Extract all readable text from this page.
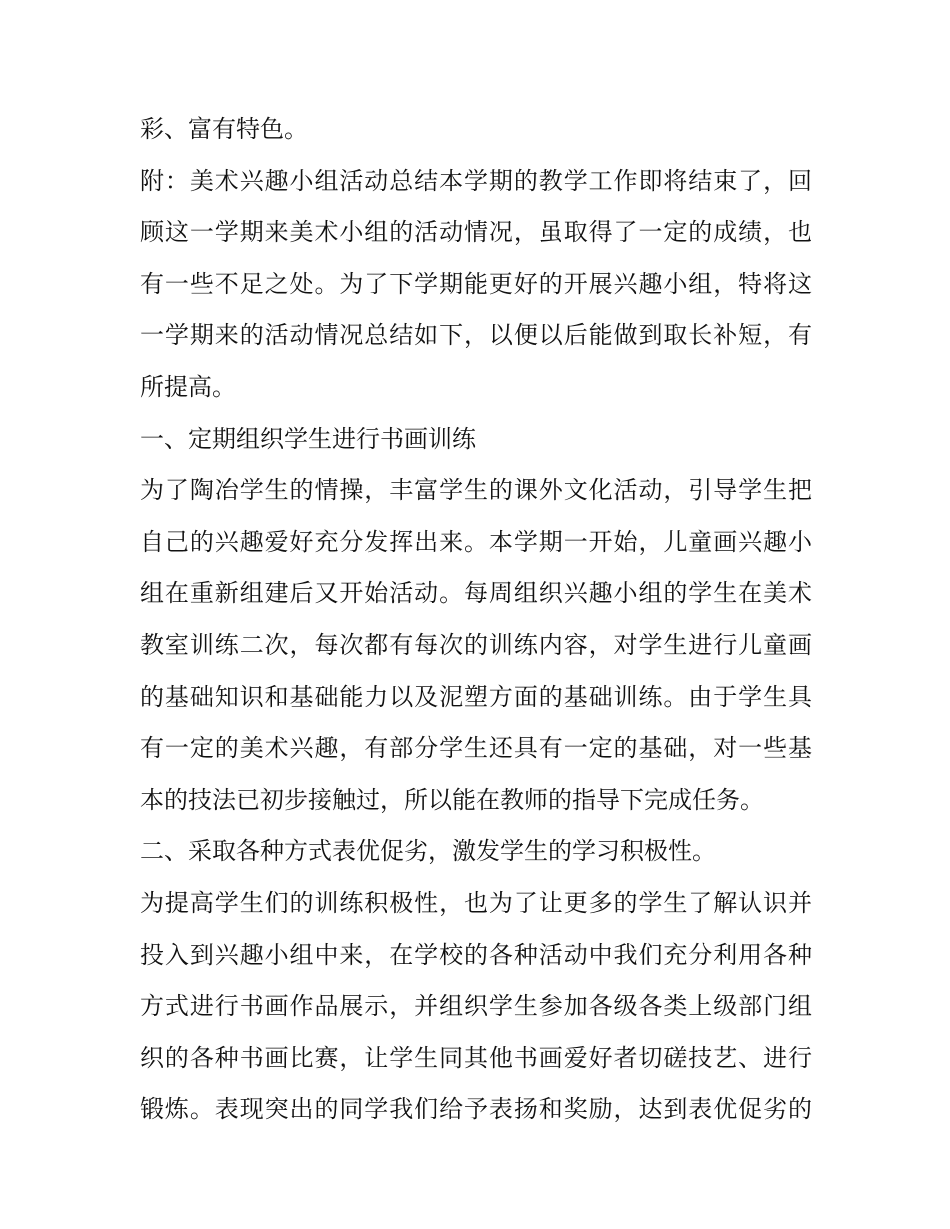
彩、富有特色。
附：美术兴趣小组活动总结本学期的教学工作即将结束了，回
顾这一学期来美术小组的活动情况，虽取得了一定的成绩，也
有一些不足之处。为了下学期能更好的开展兴趣小组，特将这
一学期来的活动情况总结如下，以便以后能做到取长补短，有
所提高。
一、定期组织学生进行书画训练
为了陶冶学生的情操，丰富学生的课外文化活动，引导学生把
自己的兴趣爱好充分发挥出来。本学期一开始，儿童画兴趣小
组在重新组建后又开始活动。每周组织兴趣小组的学生在美术
教室训练二次，每次都有每次的训练内容，对学生进行儿童画
的基础知识和基础能力以及泥塑方面的基础训练。由于学生具
有一定的美术兴趣，有部分学生还具有一定的基础，对一些基
本的技法已初步接触过，所以能在教师的指导下完成任务。
二、采取各种方式表优促劣，激发学生的学习积极性。
为提高学生们的训练积极性，也为了让更多的学生了解认识并
投入到兴趣小组中来，在学校的各种活动中我们充分利用各种
方式进行书画作品展示，并组织学生参加各级各类上级部门组
织的各种书画比赛，让学生同其他书画爱好者切磋技艺、进行
锻炼。表现突出的同学我们给予表扬和奖励，达到表优促劣的
